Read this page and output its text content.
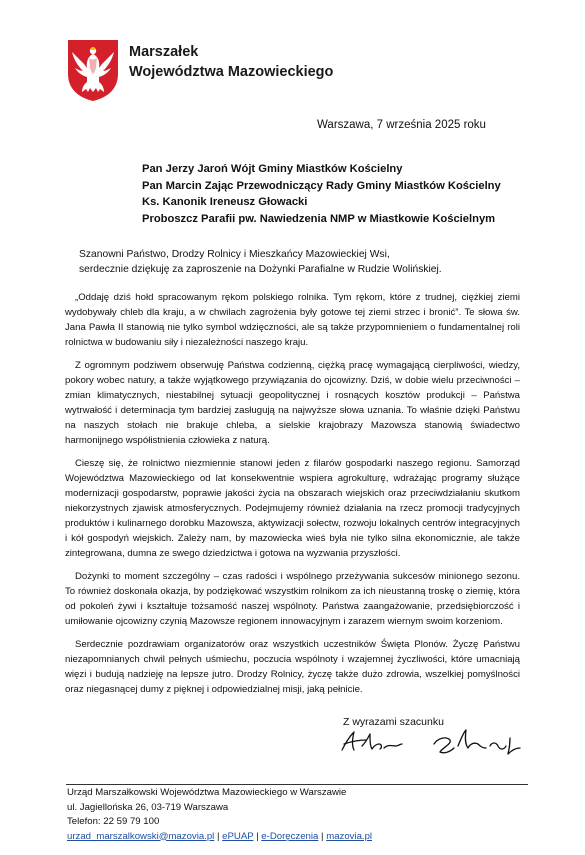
Marszałek
Województwa Mazowieckiego
Warszawa, 7 września 2025 roku
Pan Jerzy Jaroń Wójt Gminy Miastków Kościelny
Pan Marcin Zając Przewodniczący Rady Gminy Miastków Kościelny
Ks. Kanonik Ireneusz Głowacki
Proboszcz Parafii pw. Nawiedzenia NMP w Miastkowie Kościelnym
Szanowni Państwo, Drodzy Rolnicy i Mieszkańcy Mazowieckiej Wsi,
serdecznie dziękuję za zaproszenie na Dożynki Parafialne w Rudzie Wolińskiej.

„Oddaję dziś hołd spracowanym rękom polskiego rolnika. Tym rękom, które z trudnej, ciężkiej ziemi wydobywały chleb dla kraju, a w chwilach zagrożenia były gotowe tej ziemi strzec i bronić”. Te słowa św. Jana Pawła II stanowią nie tylko symbol wdzięczności, ale są także przypomnieniem o fundamentalnej roli rolnictwa w budowaniu siły i niezależności naszego kraju.

Z ogromnym podziwem obserwuję Państwa codzienną, ciężką pracę wymagającą cierpliwości, wiedzy, pokory wobec natury, a także wyjątkowego przywiązania do ojcowizny. Dziś, w dobie wielu przeciwności – zmian klimatycznych, niestabilnej sytuacji geopolitycznej i rosnących kosztów produkcji – Państwa wytrwałość i determinacja tym bardziej zasługują na najwyższe słowa uznania. To właśnie dzięki Państwu na naszych stołach nie brakuje chleba, a sielskie krajobrazy Mazowsza stanowią świadectwo harmonijnego współistnienia człowieka z naturą.

Cieszę się, że rolnictwo niezmiennie stanowi jeden z filarów gospodarki naszego regionu. Samorząd Województwa Mazowieckiego od lat konsekwentnie wspiera agrokulturę, wdrażając programy służące modernizacji gospodarstw, poprawie jakości życia na obszarach wiejskich oraz przeciwdziałaniu skutkom niekorzystnych zjawisk atmosferycznych. Podejmujemy również działania na rzecz promocji tradycyjnych produktów i kulinarnego dorobku Mazowsza, aktywizacji sołectw, rozwoju lokalnych centrów integracyjnych i kół gospodyń wiejskich. Zależy nam, by mazowiecka wieś była nie tylko silna ekonomicznie, ale także zintegrowana, dumna ze swego dziedzictwa i gotowa na wyzwania przyszłości.

Dożynki to moment szczególny – czas radości i wspólnego przeżywania sukcesów minionego sezonu. To również doskonała okazja, by podziękować wszystkim rolnikom za ich nieustanną troskę o ziemię, która od pokoleń żywi i kształtuje tożsamość naszej wspólnoty. Państwa zaangażowanie, przedsiębiorczość i umiłowanie ojcowizny czynią Mazowsze regionem innowacyjnym i zarazem wiernym swoim korzeniom.

Serdecznie pozdrawiam organizatorów oraz wszystkich uczestników Święta Plonów. Życzę Państwu niezapomnianych chwil pełnych uśmiechu, poczucia wspólnoty i wzajemnej życzliwości, które umacniają więzi i budują nadzieję na lepsze jutro. Drodzy Rolnicy, życzę także dużo zdrowia, wszelkiej pomyślności oraz niegasnącej dumy z pięknej i odpowiedzialnej misji, jaką pełnicie.

Z wyrazami szacunku
Urząd Marszałkowski Województwa Mazowieckiego w Warszawie
ul. Jagiellońska 26, 03-719 Warszawa
Telefon: 22 59 79 100
urzad_marszalkowski@mazovia.pl | ePUAP | e-Doręczenia | mazovia.pl
